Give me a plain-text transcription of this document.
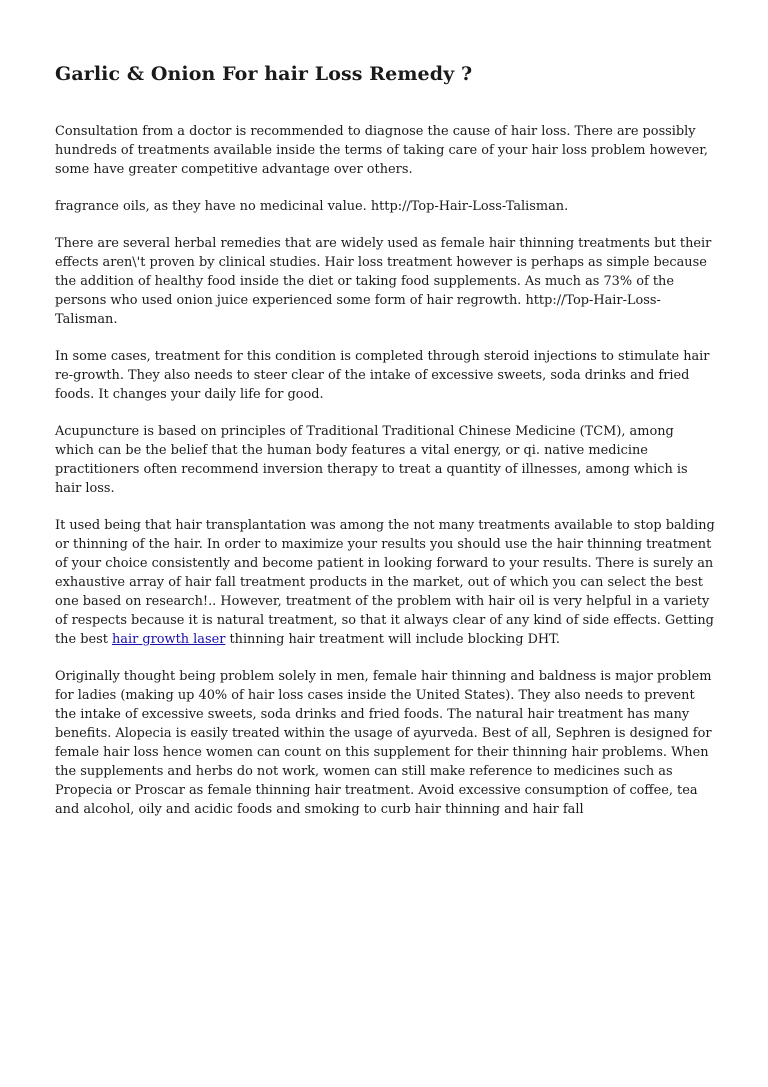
Garlic & Onion For hair Loss Remedy ?

Consultation from a doctor is recommended to diagnose the cause of hair loss. There are possibly hundreds of treatments available inside the terms of taking care of your hair loss problem however, some have greater competitive advantage over others.

fragrance oils, as they have no medicinal value. http://Top-Hair-Loss-Talisman.

There are several herbal remedies that are widely used as female hair thinning treatments but their effects aren\'t proven by clinical studies. Hair loss treatment however is perhaps as simple because the addition of healthy food inside the diet or taking food supplements. As much as 73% of the persons who used onion juice experienced some form of hair regrowth. http://Top-Hair-Loss-Talisman.

In some cases, treatment for this condition is completed through steroid injections to stimulate hair re-growth. They also needs to steer clear of the intake of excessive sweets, soda drinks and fried foods. It changes your daily life for good.

Acupuncture is based on principles of Traditional Traditional Chinese Medicine (TCM), among which can be the belief that the human body features a vital energy, or qi. native medicine practitioners often recommend inversion therapy to treat a quantity of illnesses, among which is hair loss.

It used being that hair transplantation was among the not many treatments available to stop balding or thinning of the hair. In order to maximize your results you should use the hair thinning treatment of your choice consistently and become patient in looking forward to your results. There is surely an exhaustive array of hair fall treatment products in the market, out of which you can select the best one based on research!.. However, treatment of the problem with hair oil is very helpful in a variety of respects because it is natural treatment, so that it always clear of any kind of side effects. Getting the best hair growth laser thinning hair treatment will include blocking DHT.

Originally thought being problem solely in men, female hair thinning and baldness is major problem for ladies (making up 40% of hair loss cases inside the United States). They also needs to prevent the intake of excessive sweets, soda drinks and fried foods. The natural hair treatment has many benefits. Alopecia is easily treated within the usage of ayurveda. Best of all, Sephren is designed for female hair loss hence women can count on this supplement for their thinning hair problems. When the supplements and herbs do not work, women can still make reference to medicines such as Propecia or Proscar as female thinning hair treatment. Avoid excessive consumption of coffee, tea and alcohol, oily and acidic foods and smoking to curb hair thinning and hair fall
